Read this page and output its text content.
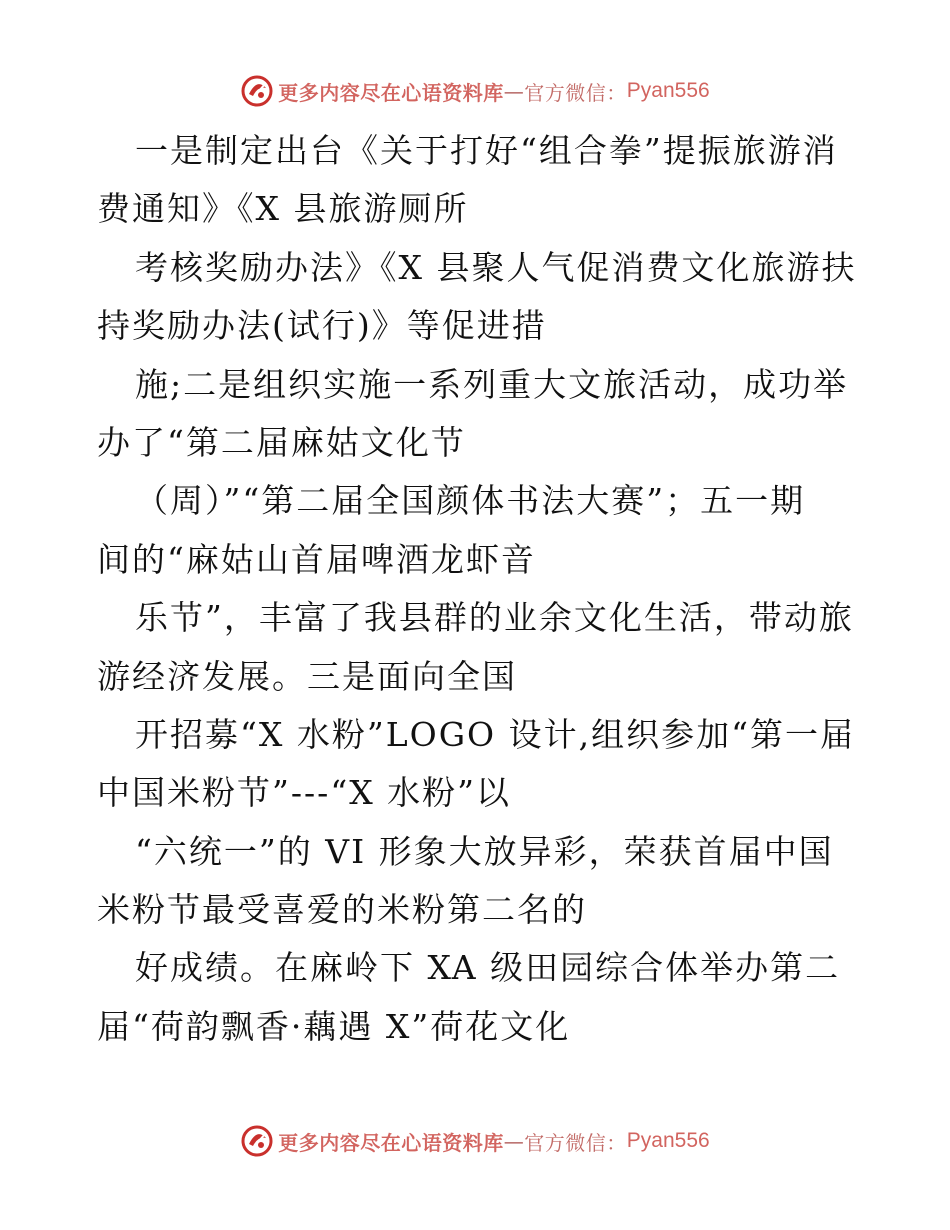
更多内容尽在心语资料库 — 官方微信： Pyan556
一是制定出台《关于打好“组合拳”提振旅游消
费通知》《X 县旅游厕所
考核奖励办法》《X 县聚人气促消费文化旅游扶
持奖励办法(试行)》等促进措
施;二是组织实施一系列重大文旅活动，成功举
办了“第二届麻姑文化节
（周）”“第二届全国颜体书法大赛”；五一期
间的“麻姑山首届啤酒龙虾音
乐节”，丰富了我县群的业余文化生活，带动旅
游经济发展。三是面向全国
开招募“X 水粉”LOGO 设计,组织参加“第一届
中国米粉节”---“X 水粉”以
“六统一”的 VI 形象大放异彩，荣获首届中国
米粉节最受喜爱的米粉第二名的
好成绩。在麻岭下 XA 级田园综合体举办第二
届“荷韵飘香·藕遇 X”荷花文化
更多内容尽在心语资料库 — 官方微信： Pyan556
